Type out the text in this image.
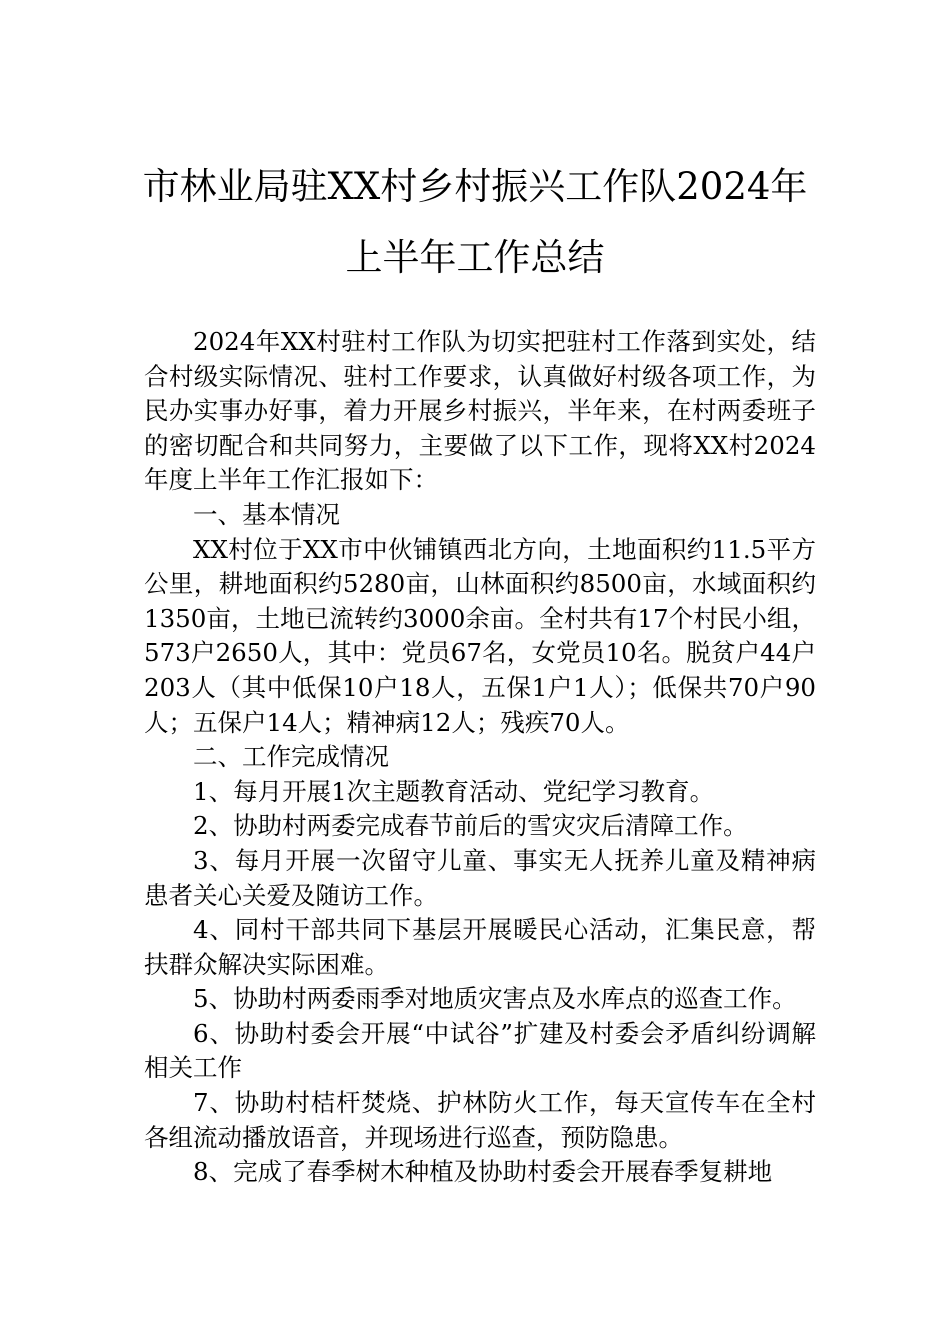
市林业局驻XX村乡村振兴工作队2024年
上半年工作总结

2024年XX村驻村工作队为切实把驻村工作落到实处，结合村级实际情况、驻村工作要求，认真做好村级各项工作，为民办实事办好事，着力开展乡村振兴，半年来，在村两委班子的密切配合和共同努力，主要做了以下工作，现将XX村2024年度上半年工作汇报如下：

一、基本情况

XX村位于XX市中伙铺镇西北方向，土地面积约11.5平方公里，耕地面积约5280亩，山林面积约8500亩，水域面积约1350亩，土地已流转约3000余亩。全村共有17个村民小组，573户2650人，其中：党员67名，女党员10名。脱贫户44户203人（其中低保10户18人，五保1户1人）；低保共70户90人；五保户14人；精神病12人；残疾70人。

二、工作完成情况

1、每月开展1次主题教育活动、党纪学习教育。

2、协助村两委完成春节前后的雪灾灾后清障工作。

3、每月开展一次留守儿童、事实无人抚养儿童及精神病患者关心关爱及随访工作。

4、同村干部共同下基层开展暖民心活动，汇集民意，帮扶群众解决实际困难。

5、协助村两委雨季对地质灾害点及水库点的巡查工作。

6、协助村委会开展“中试谷”扩建及村委会矛盾纠纷调解相关工作

7、协助村桔杆焚烧、护林防火工作，每天宣传车在全村各组流动播放语音，并现场进行巡查，预防隐患。

8、完成了春季树木种植及协助村委会开展春季复耕地
